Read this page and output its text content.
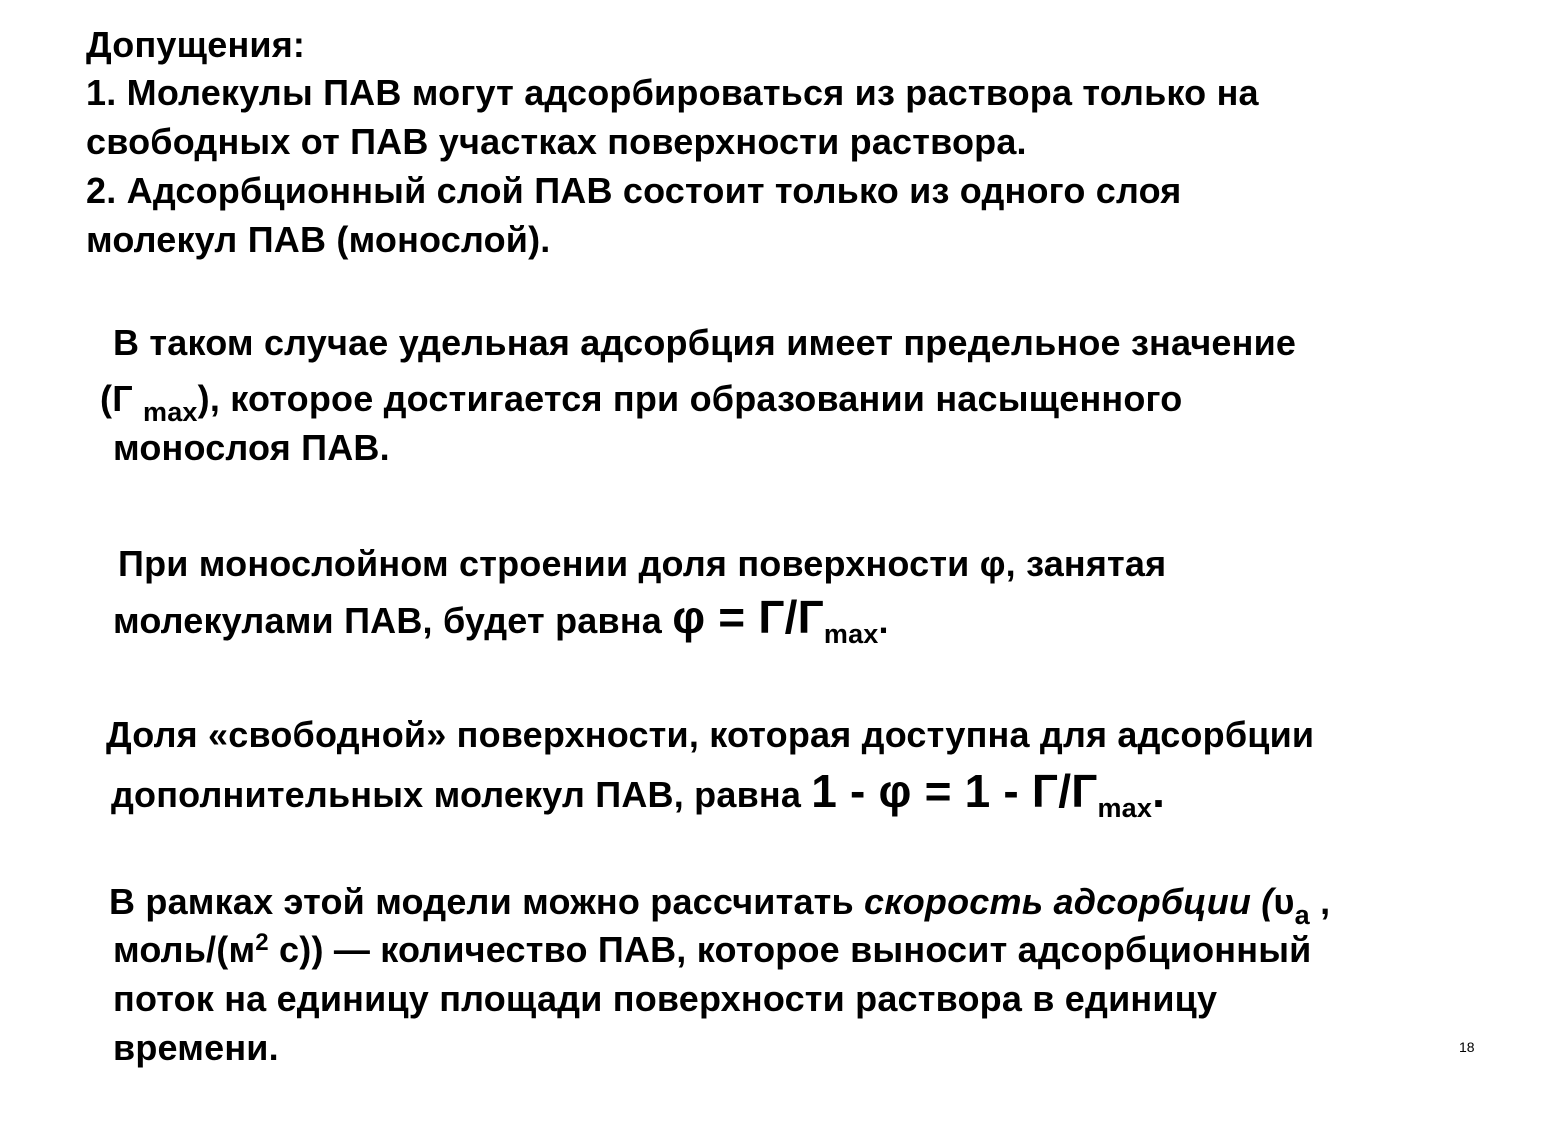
Допущения:
1. Молекулы ПАВ могут адсорбироваться из раствора только на
свободных от ПАВ участках поверхности раствора.
2. Адсорбционный слой ПАВ состоит только из одного слоя
молекул ПАВ (монослой).
В таком случае удельная адсорбция имеет предельное значение
(Г $_{max}$), которое достигается при образовании насыщенного
монослоя ПАВ.
При монослойном строении доля поверхности φ, занятая
молекулами ПАВ, будет равна $\varphi = Г/Г_{max}$.
Доля «свободной» поверхности, которая доступна для адсорбции
дополнительных молекул ПАВ, равна $1 - \varphi = 1 - Г/Г_{max}$.
В рамках этой модели можно рассчитать скорость адсорбции ($\upsilon_a$ ,
моль/($м^2$ с)) — количество ПАВ, которое выносит адсорбционный
поток на единицу площади поверхности раствора в единицу
времени.	18
